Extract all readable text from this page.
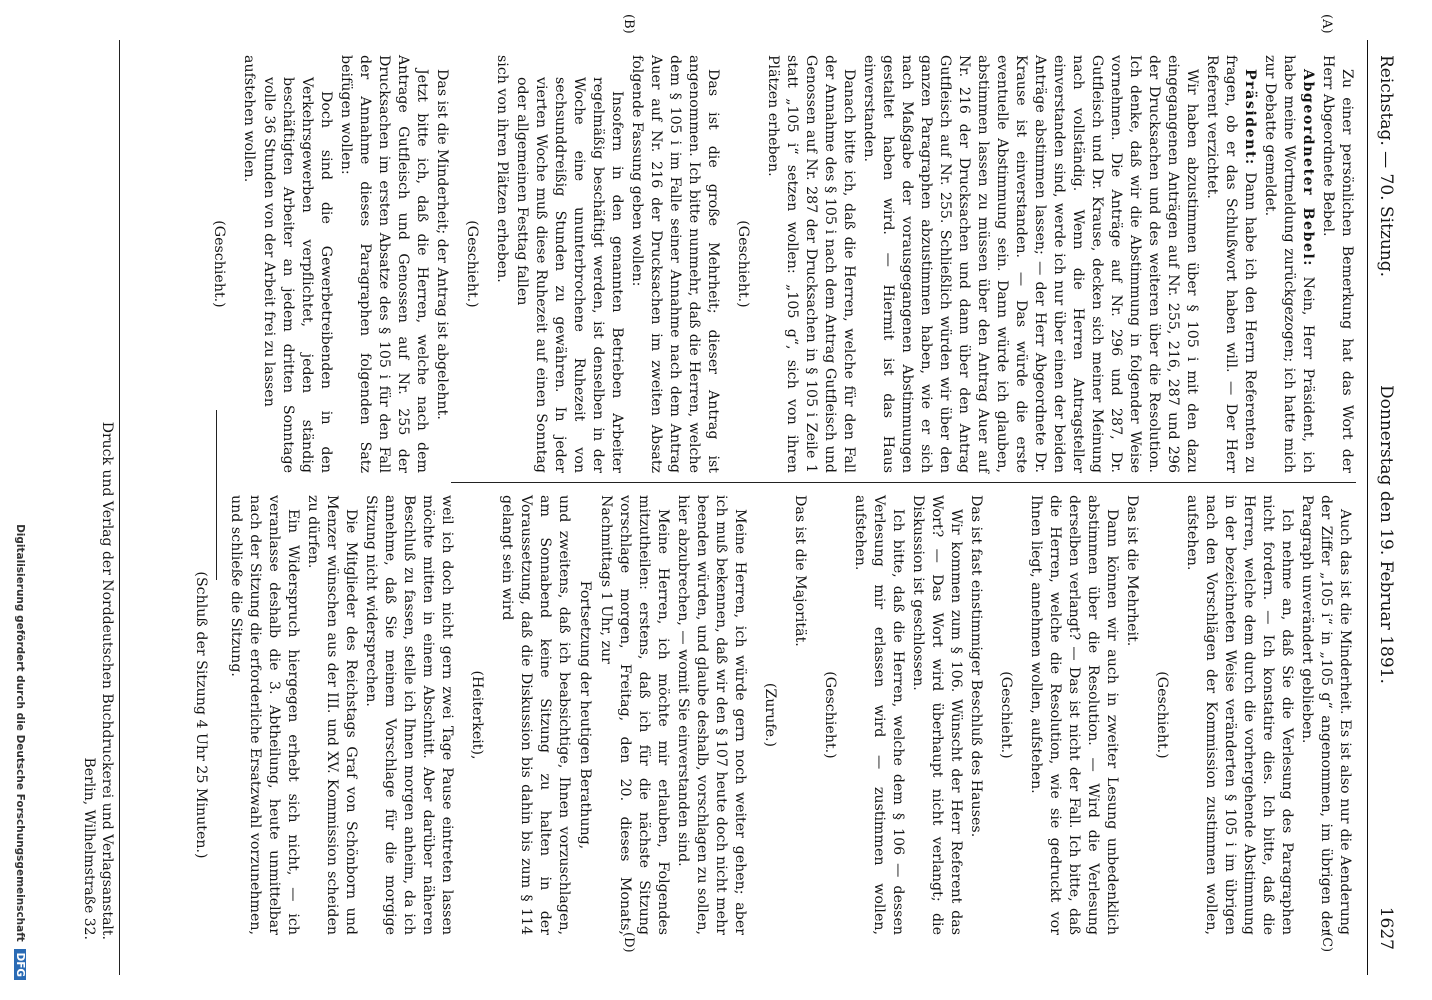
Reichstag. — 70. Sitzung.
Donnerstag den 19. Februar 1891.
1627
(A)
(B)
(C)
(D)

Zu einer persönlichen Bemerkung hat das Wort der Herr Abgeordnete Bebel.

Abgeordneter Bebel: Nein, Herr Präsident, ich habe meine Wortmeldung zurückgezogen; ich hatte mich zur Debatte gemeldet.

Präsident: Dann habe ich den Herrn Referenten zu fragen, ob er das Schlußwort haben will. — Der Herr Referent verzichtet.

Wir haben abzustimmen über § 105 i mit den dazu eingegangenen Anträgen auf Nr. 255, 216, 287 und 296 der Drucksachen und des weiteren über die Resolution. Ich denke, daß wir die Abstimmung in folgender Weise vornehmen. Die Anträge auf Nr. 296 und 287, Dr. Gutfleisch und Dr. Krause, decken sich meiner Meinung nach vollständig. Wenn die Herren Antragsteller einverstanden sind, werde ich nur über einen der beiden Anträge abstimmen lassen; — der Herr Abgeordnete Dr. Krause ist einverstanden. — Das würde die erste eventuelle Abstimmung sein. Dann würde ich glauben, abstimmen lassen zu müssen über den Antrag Auer auf Nr. 216 der Drucksachen und dann über den Antrag Gutfleisch auf Nr. 255. Schließlich würden wir über den ganzen Paragraphen abzustimmen haben, wie er sich nach Maßgabe der vorausgegangenen Abstimmungen gestaltet haben wird. — Hiermit ist das Haus einverstanden.

Danach bitte ich, daß die Herren, welche für den Fall der Annahme des § 105 i nach dem Antrag Gutfleisch und Genossen auf Nr. 287 der Drucksachen in § 105 i Zeile 1 statt „105 i“ setzen wollen: „105 g“, sich von ihren Plätzen erheben.

(Geschieht.)

Das ist die große Mehrheit; dieser Antrag ist angenommen. Ich bitte nunmehr, daß die Herren, welche dem § 105 i im Falle seiner Annahme nach dem Antrag Auer auf Nr. 216 der Drucksachen im zweiten Absatz folgende Fassung geben wollen:

Insofern in den genannten Betrieben Arbeiter regelmäßig beschäftigt werden, ist denselben in der Woche eine ununterbrochene Ruhezeit von sechsunddreißig Stunden zu gewähren. In jeder vierten Woche muß diese Ruhezeit auf einen Sonntag oder allgemeinen Festtag fallen

sich von ihren Plätzen erheben.

(Geschieht.)

Das ist die Minderheit; der Antrag ist abgelehnt.

Jetzt bitte ich, daß die Herren, welche nach dem Antrage Gutfleisch und Genossen auf Nr. 255 der Drucksachen im ersten Absatze des § 105 i für den Fall der Annahme dieses Paragraphen folgenden Satz beifügen wollen:

Doch sind die Gewerbetreibenden in den Verkehrsgewerben verpflichtet, jeden ständig beschäftigten Arbeiter an jedem dritten Sonntage volle 36 Stunden von der Arbeit frei zu lassen

aufstehen wollen.

(Geschieht.)

Auch das ist die Minderheit. Es ist also nur die Aenderung der Ziffer „105 i“ in „105 g“ angenommen, im übrigen der Paragraph unverändert geblieben.

Ich nehme an, daß Sie die Verlesung des Paragraphen nicht fordern. — Ich konstatire dies. Ich bitte, daß die Herren, welche dem durch die vorhergehende Abstimmung in der bezeichneten Weise veränderten § 105 i im übrigen nach den Vorschlägen der Kommission zustimmen wollen, aufstehen.

(Geschieht.)

Das ist die Mehrheit.

Dann können wir auch in zweiter Lesung unbedenklich abstimmen über die Resolution. — Wird die Verlesung derselben verlangt? — Das ist nicht der Fall. Ich bitte, daß die Herren, welche die Resolution, wie sie gedruckt vor Ihnen liegt, annehmen wollen, aufstehen.

(Geschieht.)

Das ist fast einstimmiger Beschluß des Hauses.

Wir kommen zum § 106. Wünscht der Herr Referent das Wort? — Das Wort wird überhaupt nicht verlangt; die Diskussion ist geschlossen.

Ich bitte, daß die Herren, welche dem § 106 — dessen Verlesung mir erlassen wird — zustimmen wollen, aufstehen.

(Geschieht.)

Das ist die Majorität.

(Zurufe.)

Meine Herren, ich würde gern noch weiter gehen; aber ich muß bekennen, daß wir den § 107 heute doch nicht mehr beenden würden, und glaube deshalb, vorschlagen zu sollen, hier abzubrechen, — womit Sie einverstanden sind.

Meine Herren, ich möchte mir erlauben, Folgendes mitzutheilen: erstens, daß ich für die nächste Sitzung vorschlage morgen, Freitag, den 20. dieses Monats, Nachmittags 1 Uhr, zur

Fortsetzung der heutigen Berathung,

und zweitens, daß ich beabsichtige, Ihnen vorzuschlagen, am Sonnabend keine Sitzung zu halten in der Voraussetzung, daß die Diskussion bis dahin bis zum § 114 gelangt sein wird

(Heiterkeit),

weil ich doch nicht gern zwei Tage Pause eintreten lassen möchte mitten in einem Abschnitt. Aber darüber näheren Beschluß zu fassen, stelle ich Ihnen morgen anheim, da ich annehme, daß Sie meinem Vorschlage für die morgige Sitzung nicht widersprechen.

Die Mitglieder des Reichstags Graf von Schönborn und Menzer wünschen aus der III. und XV. Kommission scheiden zu dürfen.

Ein Widerspruch hiergegen erhebt sich nicht, — ich veranlasse deshalb die 3. Abtheilung, heute unmittelbar nach der Sitzung die erforderliche Ersatzwahl vorzunehmen, und schließe die Sitzung.

(Schluß der Sitzung 4 Uhr 25 Minuten.)

Druck und Verlag der Norddeutschen Buchdruckerei und Verlagsanstalt.
Berlin, Wilhelmstraße 32.
Digitalisierung gefördert durch die Deutsche Forschungsgemeinschaft DFG
